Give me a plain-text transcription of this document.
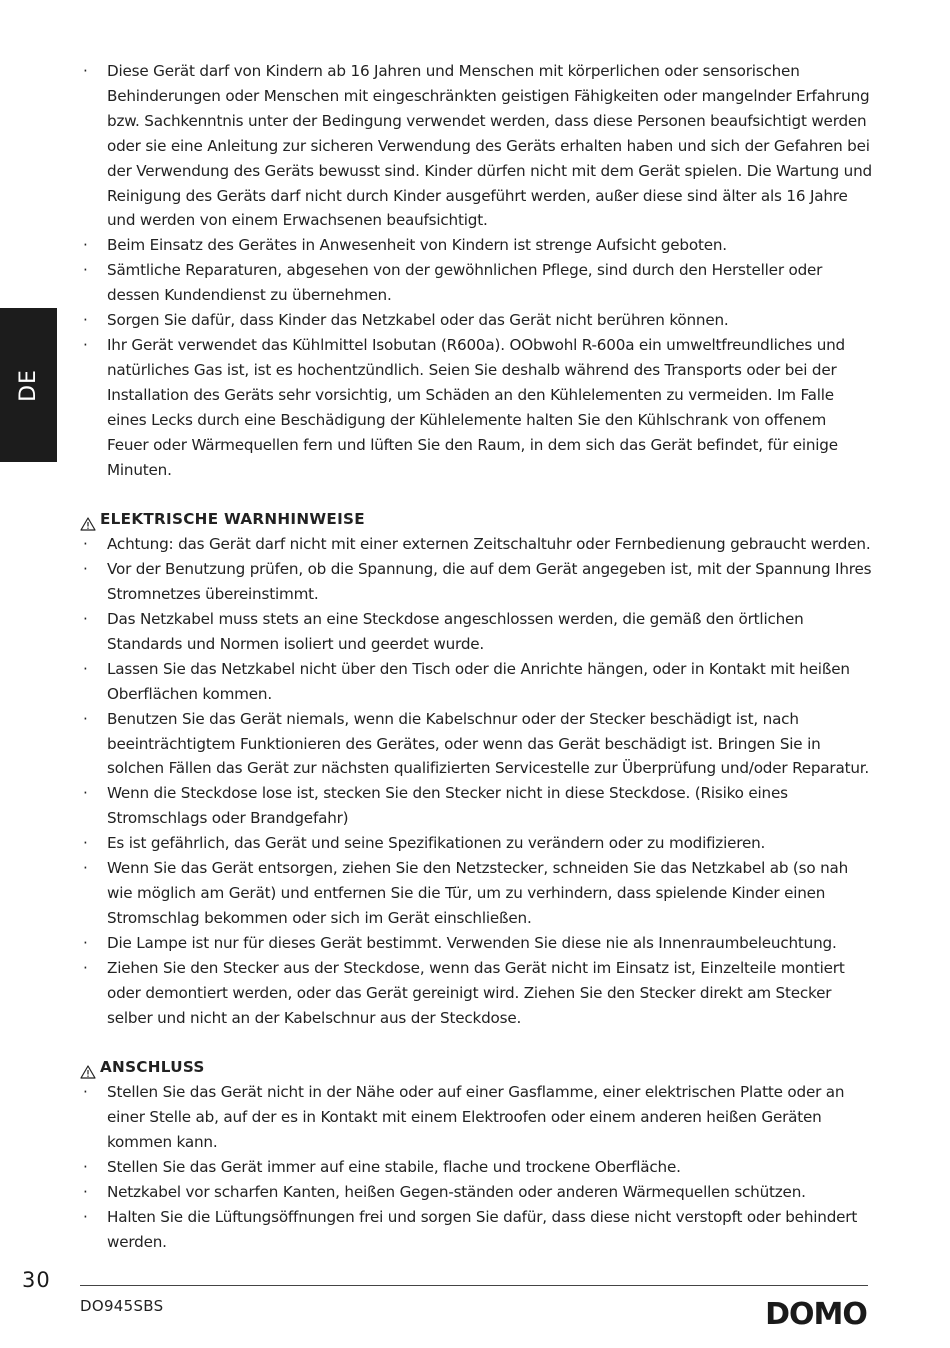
DE
· Diese Gerät darf von Kindern ab 16 Jahren und Menschen mit körperlichen oder sensorischen Behinderungen oder Menschen mit eingeschränkten geistigen Fähigkeiten oder mangelnder Erfahrung bzw. Sachkenntnis unter der Bedingung verwendet werden, dass diese Personen beaufsichtigt werden oder sie eine Anleitung zur sicheren Verwendung des Geräts erhalten haben und sich der Gefahren bei der Verwendung des Geräts bewusst sind. Kinder dürfen nicht mit dem Gerät spielen. Die Wartung und Reinigung des Geräts darf nicht durch Kinder ausgeführt werden, außer diese sind älter als 16 Jahre und werden von einem Erwachsenen beaufsichtigt.
· Beim Einsatz des Gerätes in Anwesenheit von Kindern ist strenge Aufsicht geboten.
· Sämtliche Reparaturen, abgesehen von der gewöhnlichen Pflege, sind durch den Hersteller oder dessen Kundendienst zu übernehmen.
· Sorgen Sie dafür, dass Kinder das Netzkabel oder das Gerät nicht berühren können.
· Ihr Gerät verwendet das Kühlmittel Isobutan (R600a). OObwohl R-600a ein umweltfreundliches und natürliches Gas ist, ist es hochentzündlich. Seien Sie deshalb während des Transports oder bei der Installation des Geräts sehr vorsichtig, um Schäden an den Kühlelementen zu vermeiden. Im Falle eines Lecks durch eine Beschädigung der Kühlelemente halten Sie den Kühlschrank von offenem Feuer oder Wärmequellen fern und lüften Sie den Raum, in dem sich das Gerät befindet, für einige Minuten.
ELEKTRISCHE WARNHINWEISE
· Achtung: das Gerät darf nicht mit einer externen Zeitschaltuhr oder Fernbedienung gebraucht werden.
· Vor der Benutzung prüfen, ob die Spannung, die auf dem Gerät angegeben ist, mit der Spannung Ihres Stromnetzes übereinstimmt.
· Das Netzkabel muss stets an eine Steckdose angeschlossen werden, die gemäß den örtlichen Standards und Normen isoliert und geerdet wurde.
· Lassen Sie das Netzkabel nicht über den Tisch oder die Anrichte hängen, oder in Kontakt mit heißen Oberflächen kommen.
· Benutzen Sie das Gerät niemals, wenn die Kabelschnur oder der Stecker beschädigt ist, nach beeinträchtigtem Funktionieren des Gerätes, oder wenn das Gerät beschädigt ist. Bringen Sie in solchen Fällen das Gerät zur nächsten qualifizierten Servicestelle zur Überprüfung und/oder Reparatur.
· Wenn die Steckdose lose ist, stecken Sie den Stecker nicht in diese Steckdose. (Risiko eines Stromschlags oder Brandgefahr)
· Es ist gefährlich, das Gerät und seine Spezifikationen zu verändern oder zu modifizieren.
· Wenn Sie das Gerät entsorgen, ziehen Sie den Netzstecker, schneiden Sie das Netzkabel ab (so nah wie möglich am Gerät) und entfernen Sie die Tür, um zu verhindern, dass spielende Kinder einen Stromschlag bekommen oder sich im Gerät einschließen.
· Die Lampe ist nur für dieses Gerät bestimmt. Verwenden Sie diese nie als Innenraumbeleuchtung.
· Ziehen Sie den Stecker aus der Steckdose, wenn das Gerät nicht im Einsatz ist, Einzelteile montiert oder demontiert werden, oder das Gerät gereinigt wird. Ziehen Sie den Stecker direkt am Stecker selber und nicht an der Kabelschnur aus der Steckdose.
ANSCHLUSS
· Stellen Sie das Gerät nicht in der Nähe oder auf einer Gasflamme, einer elektrischen Platte oder an einer Stelle ab, auf der es in Kontakt mit einem Elektroofen oder einem anderen heißen Geräten kommen kann.
· Stellen Sie das Gerät immer auf eine stabile, flache und trockene Oberfläche.
· Netzkabel vor scharfen Kanten, heißen Gegen-ständen oder anderen Wärmequellen schützen.
· Halten Sie die Lüftungsöffnungen frei und sorgen Sie dafür, dass diese nicht verstopft oder behindert werden.
30
DO945SBS	DOMO
